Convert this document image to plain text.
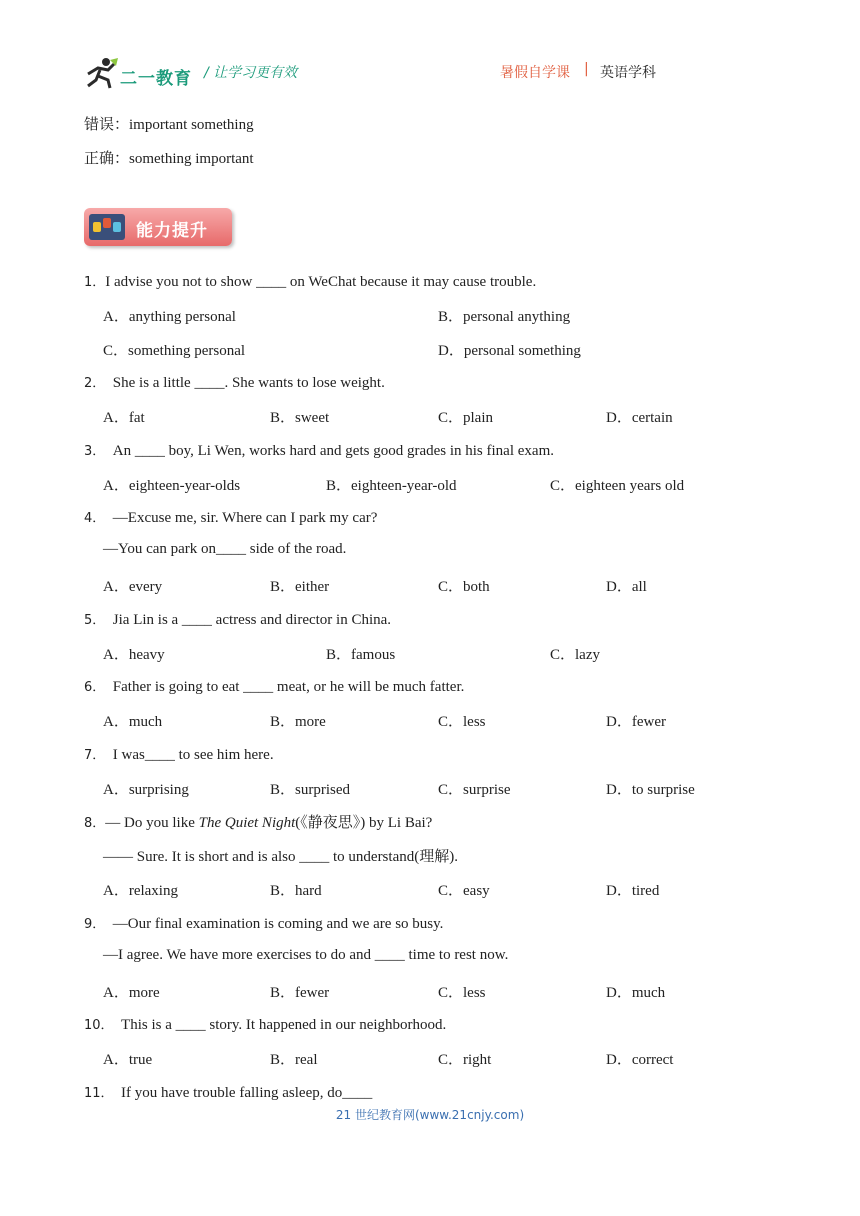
二一教育 / 让学习更有效	暑假自学课 | 英语学科
错误：important something
正确：something important
能力提升
1．I advise you not to show ____ on WeChat because it may cause trouble.
A．anything personal	B．personal anything
C．something personal	D．personal something
2． She is a little ____. She wants to lose weight.
A．fat	B．sweet	C．plain	D．certain
3． An ____ boy, Li Wen, works hard and gets good grades in his final exam.
A．eighteen-year-olds	B．eighteen-year-old	C．eighteen years old
4． —Excuse me, sir. Where can I park my car?
—You can park on____ side of the road.
A．every	B．either	C．both	D．all
5． Jia Lin is a ____ actress and director in China.
A．heavy	B．famous	C．lazy
6． Father is going to eat ____ meat, or he will be much fatter.
A．much	B．more	C．less	D．fewer
7． I was____ to see him here.
A．surprising	B．surprised	C．surprise	D．to surprise
8．— Do you like The Quiet Night(《静夜思》) by Li Bai?
—— Sure. It is short and is also ____ to understand(理解).
A．relaxing	B．hard	C．easy	D．tired
9． —Our final examination is coming and we are so busy.
—I agree. We have more exercises to do and ____ time to rest now.
A．more	B．fewer	C．less	D．much
10． This is a ____ story. It happened in our neighborhood.
A．true	B．real	C．right	D．correct
11． If you have trouble falling asleep, do____
21 世纪教育网(www.21cnjy.com)
